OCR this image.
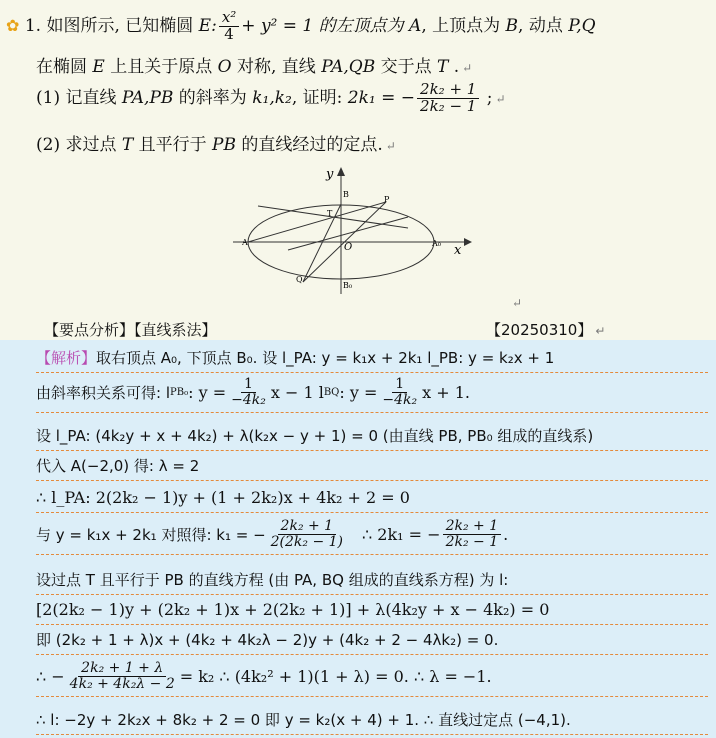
✿ 1. 如图所示, 已知椭圆 E: $\frac{\text{x²}}{4} + y^2 = 1$ 的左顶点为 A, 上顶点为 B, 动点 P,Q
在椭圆 E 上且关于原点 O 对称, 直线 PA,QB 交于点 T . ↵
(1) 记直线 PA,PB 的斜率为 k₁,k₂, 证明: 2k₁ = − $\frac{\text{2k₂ + 1}}{\text{2k₂ − 1}}$ ; ↵
(2) 求过点 T 且平行于 PB 的直线经过的定点. ↵
y
x
B
P
T
A	O	A₀
Q
B₀
↵
【要点分析】【直线系法】	【20250310】 ↵
【解析】 取右顶点 A₀, 下顶点 B₀. 设 l_PA: y = k₁x + 2k₁ l_PB: y = k₂x + 1
由斜率积关系可得: l PB₀ : $y = \frac{1}{\text{−4k₂}}$ x − 1 l BQ : $y = \frac{1}{\text{−4k₂}}$ x + 1.
设 l_PA: (4k₂y + x + 4k₂) + λ(k₂x − y + 1) = 0 (由直线 PB, PB₀ 组成的直线系)
代入 A(−2,0) 得: λ = 2
∴ l_PA: 2(2k₂ − 1)y + (1 + 2k₂)x + 4k₂ + 2 = 0
与 y = k₁x + 2k₁ 对照得: k₁ = − $\frac{\text{2k₂ + 1}}{\text{2(2k₂ − 1)}}$ ∴ 2k₁ = − $\frac{\text{2k₂ + 1}}{\text{2k₂ − 1}}$ .
设过点 T 且平行于 PB 的直线方程 (由 PA, BQ 组成的直线系方程) 为 l:
[2(2k₂ − 1)y + (2k₂ + 1)x + 2(2k₂ + 1)] + λ(4k₂y + x − 4k₂) = 0
即 (2k₂ + 1 + λ)x + (4k₂ + 4k₂λ − 2)y + (4k₂ + 2 − 4λk₂) = 0.
∴ − $\frac{\text{2k₂ + 1 + λ}}{\text{4k₂ + 4k₂λ − 2}} = k_2$ ∴ (4k₂² + 1)(1 + λ) = 0. ∴ λ = −1.
∴ l: −2y + 2k₂x + 8k₂ + 2 = 0 即 y = k₂(x + 4) + 1. ∴ 直线过定点 (−4,1).
